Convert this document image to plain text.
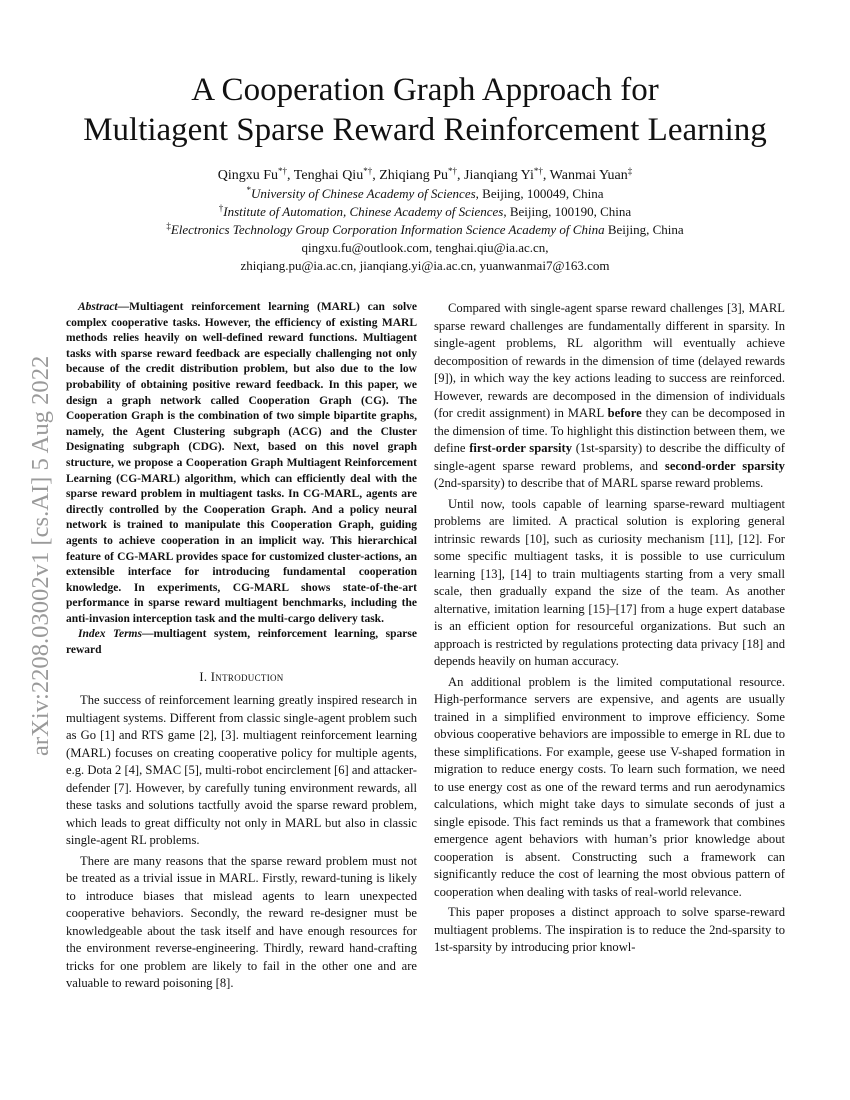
A Cooperation Graph Approach for
Multiagent Sparse Reward Reinforcement Learning
Qingxu Fu*†, Tenghai Qiu*†, Zhiqiang Pu*†, Jianqiang Yi*†, Wanmai Yuan‡
*University of Chinese Academy of Sciences, Beijing, 100049, China
†Institute of Automation, Chinese Academy of Sciences, Beijing, 100190, China
‡Electronics Technology Group Corporation Information Science Academy of China Beijing, China
qingxu.fu@outlook.com, tenghai.qiu@ia.ac.cn,
zhiqiang.pu@ia.ac.cn, jianqiang.yi@ia.ac.cn, yuanwanmai7@163.com
arXiv:2208.03002v1 [cs.AI] 5 Aug 2022

Abstract—Multiagent reinforcement learning (MARL) can solve complex cooperative tasks. However, the efficiency of existing MARL methods relies heavily on well-defined reward functions. Multiagent tasks with sparse reward feedback are especially challenging not only because of the credit distribution problem, but also due to the low probability of obtaining positive reward feedback. In this paper, we design a graph network called Cooperation Graph (CG). The Cooperation Graph is the combination of two simple bipartite graphs, namely, the Agent Clustering subgraph (ACG) and the Cluster Designating subgraph (CDG). Next, based on this novel graph structure, we propose a Cooperation Graph Multiagent Reinforcement Learning (CG-MARL) algorithm, which can efficiently deal with the sparse reward problem in multiagent tasks. In CG-MARL, agents are directly controlled by the Cooperation Graph. And a policy neural network is trained to manipulate this Cooperation Graph, guiding agents to achieve cooperation in an implicit way. This hierarchical feature of CG-MARL provides space for customized cluster-actions, an extensible interface for introducing fundamental cooperation knowledge. In experiments, CG-MARL shows state-of-the-art performance in sparse reward multiagent benchmarks, including the anti-invasion interception task and the multi-cargo delivery task.

Index Terms—multiagent system, reinforcement learning, sparse reward

I. Introduction

The success of reinforcement learning greatly inspired research in multiagent systems. Different from classic single-agent problem such as Go [1] and RTS game [2], [3]. multiagent reinforcement learning (MARL) focuses on creating cooperative policy for multiple agents, e.g. Dota 2 [4], SMAC [5], multi-robot encirclement [6] and attacker-defender [7]. However, by carefully tuning environment rewards, all these tasks and solutions tactfully avoid the sparse reward problem, which leads to great difficulty not only in MARL but also in classic single-agent RL problems.

There are many reasons that the sparse reward problem must not be treated as a trivial issue in MARL. Firstly, reward-tuning is likely to introduce biases that mislead agents to learn unexpected cooperative behaviors. Secondly, the reward re-designer must be knowledgeable about the task itself and have enough resources for the environment reverse-engineering. Thirdly, reward hand-crafting tricks for one problem are likely to fail in the other one and are valuable to reward poisoning [8].

Compared with single-agent sparse reward challenges [3], MARL sparse reward challenges are fundamentally different in sparsity. In single-agent problems, RL algorithm will eventually achieve decomposition of rewards in the dimension of time (delayed rewards [9]), in which way the key actions leading to success are reinforced. However, rewards are decomposed in the dimension of individuals (for credit assignment) in MARL before they can be decomposed in the dimension of time. To highlight this distinction between them, we define first-order sparsity (1st-sparsity) to describe the difficulty of single-agent sparse reward problems, and second-order sparsity (2nd-sparsity) to describe that of MARL sparse reward problems.

Until now, tools capable of learning sparse-reward multiagent problems are limited. A practical solution is exploring general intrinsic rewards [10], such as curiosity mechanism [11], [12]. For some specific multiagent tasks, it is possible to use curriculum learning [13], [14] to train multiagents starting from a very small scale, then gradually expand the size of the team. As another alternative, imitation learning [15]–[17] from a huge expert database is an efficient option for resourceful organizations. But such an approach is restricted by regulations protecting data privacy [18] and depends heavily on human accuracy.

An additional problem is the limited computational resource. High-performance servers are expensive, and agents are usually trained in a simplified environment to improve efficiency. Some obvious cooperative behaviors are impossible to emerge in RL due to these simplifications. For example, geese use V-shaped formation in migration to reduce energy costs. To learn such formation, we need to use energy cost as one of the reward terms and run aerodynamics calculations, which might take days to simulate seconds of just a single episode. This fact reminds us that a framework that combines emergence agent behaviors with human’s prior knowledge about cooperation is absent. Constructing such a framework can significantly reduce the cost of learning the most obvious pattern of cooperation when dealing with tasks of real-world relevance.

This paper proposes a distinct approach to solve sparse-reward multiagent problems. The inspiration is to reduce the 2nd-sparsity to 1st-sparsity by introducing prior knowl-
